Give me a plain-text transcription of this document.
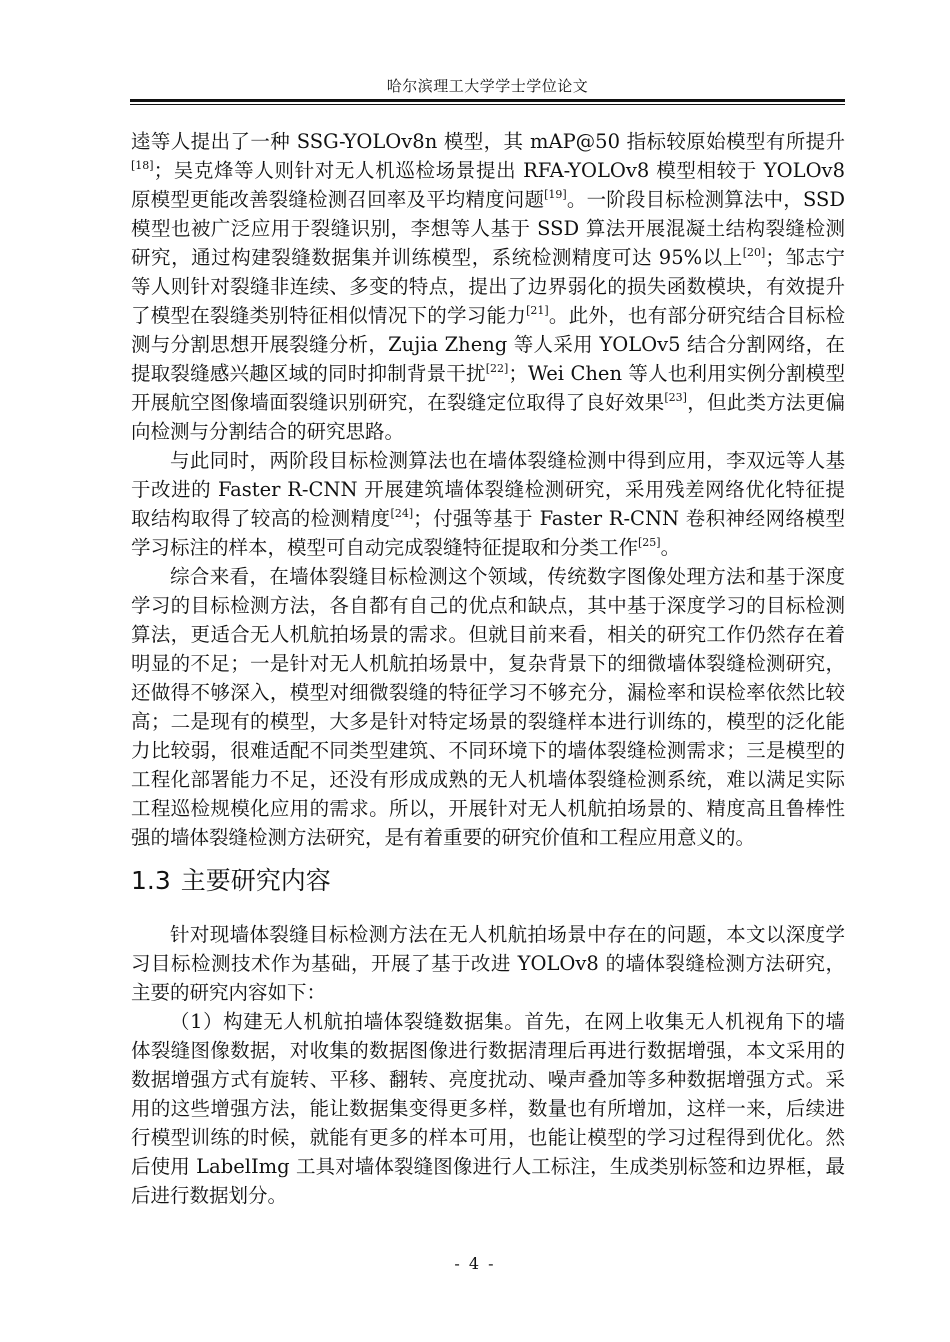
哈尔滨理工大学学士学位论文

逵等人提出了一种 SSG-YOLOv8n 模型，其 mAP@50 指标较原始模型有所提升[18]；吴克烽等人则针对无人机巡检场景提出 RFA-YOLOv8 模型相较于 YOLOv8 原模型更能改善裂缝检测召回率及平均精度问题[19]。一阶段目标检测算法中，SSD 模型也被广泛应用于裂缝识别，李想等人基于 SSD 算法开展混凝土结构裂缝检测研究，通过构建裂缝数据集并训练模型，系统检测精度可达 95%以上[20]；邹志宁等人则针对裂缝非连续、多变的特点，提出了边界弱化的损失函数模块，有效提升了模型在裂缝类别特征相似情况下的学习能力[21]。此外，也有部分研究结合目标检测与分割思想开展裂缝分析，Zujia Zheng 等人采用 YOLOv5 结合分割网络，在提取裂缝感兴趣区域的同时抑制背景干扰[22]；Wei Chen 等人也利用实例分割模型开展航空图像墙面裂缝识别研究，在裂缝定位取得了良好效果[23]，但此类方法更偏向检测与分割结合的研究思路。

与此同时，两阶段目标检测算法也在墙体裂缝检测中得到应用，李双远等人基于改进的 Faster R-CNN 开展建筑墙体裂缝检测研究，采用残差网络优化特征提取结构取得了较高的检测精度[24]；付强等基于 Faster R-CNN 卷积神经网络模型学习标注的样本，模型可自动完成裂缝特征提取和分类工作[25]。

综合来看，在墙体裂缝目标检测这个领域，传统数字图像处理方法和基于深度学习的目标检测方法，各自都有自己的优点和缺点，其中基于深度学习的目标检测算法，更适合无人机航拍场景的需求。但就目前来看，相关的研究工作仍然存在着明显的不足；一是针对无人机航拍场景中，复杂背景下的细微墙体裂缝检测研究，还做得不够深入，模型对细微裂缝的特征学习不够充分，漏检率和误检率依然比较高；二是现有的模型，大多是针对特定场景的裂缝样本进行训练的，模型的泛化能力比较弱，很难适配不同类型建筑、不同环境下的墙体裂缝检测需求；三是模型的工程化部署能力不足，还没有形成成熟的无人机墙体裂缝检测系统，难以满足实际工程巡检规模化应用的需求。所以，开展针对无人机航拍场景的、精度高且鲁棒性强的墙体裂缝检测方法研究，是有着重要的研究价值和工程应用意义的。

1.3 主要研究内容

针对现墙体裂缝目标检测方法在无人机航拍场景中存在的问题，本文以深度学习目标检测技术作为基础，开展了基于改进 YOLOv8 的墙体裂缝检测方法研究，主要的研究内容如下：

（1）构建无人机航拍墙体裂缝数据集。首先，在网上收集无人机视角下的墙体裂缝图像数据，对收集的数据图像进行数据清理后再进行数据增强，本文采用的数据增强方式有旋转、平移、翻转、亮度扰动、噪声叠加等多种数据增强方式。采用的这些增强方法，能让数据集变得更多样，数量也有所增加，这样一来，后续进行模型训练的时候，就能有更多的样本可用，也能让模型的学习过程得到优化。然后使用 LabelImg 工具对墙体裂缝图像进行人工标注，生成类别标签和边界框，最后进行数据划分。

- 4 -
